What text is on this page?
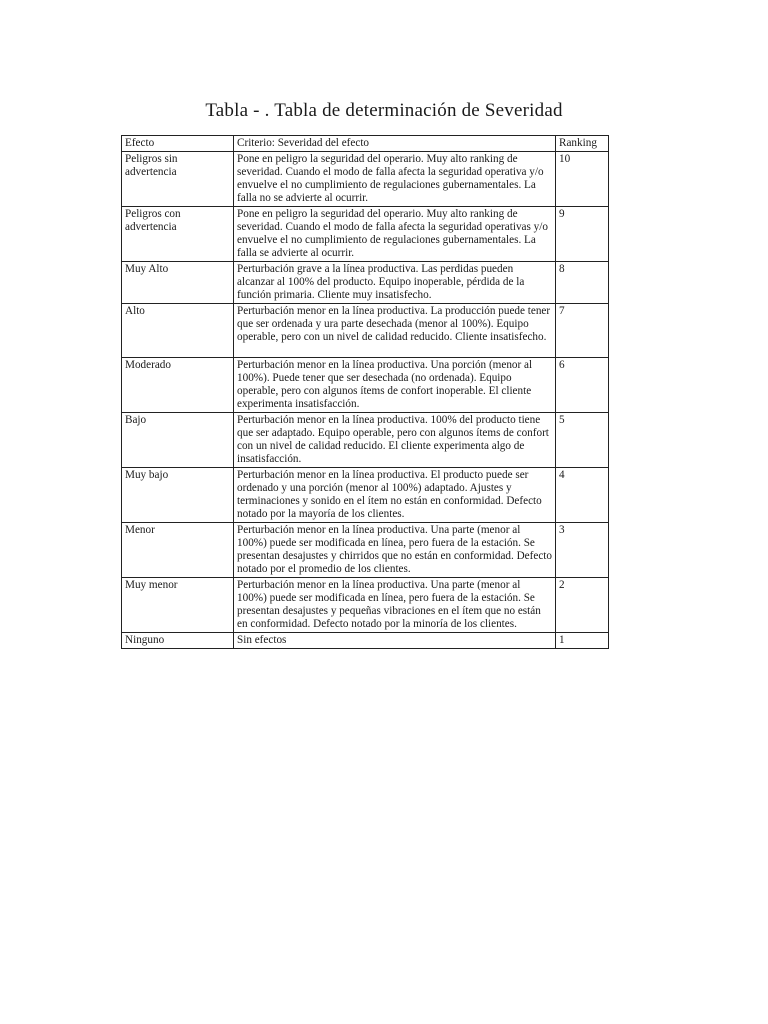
Tabla - . Tabla de determinación de Severidad
Efecto	Criterio: Severidad del efecto	Ranking
Peligros sin advertencia	Pone en peligro la seguridad del operario. Muy alto ranking de severidad. Cuando el modo de falla afecta la seguridad operativa y/o envuelve el no cumplimiento de regulaciones gubernamentales. La falla no se advierte al ocurrir.	10
Peligros con advertencia	Pone en peligro la seguridad del operario. Muy alto ranking de severidad. Cuando el modo de falla afecta la seguridad operativas y/o envuelve el no cumplimiento de regulaciones gubernamentales. La falla se advierte al ocurrir.	9
Muy Alto	Perturbación grave a la línea productiva. Las perdidas pueden alcanzar al 100% del producto. Equipo inoperable, pérdida de la función primaria. Cliente muy insatisfecho.	8
Alto	Perturbación menor en la línea productiva. La producción puede tener que ser ordenada y ura parte desechada (menor al 100%). Equipo operable, pero con un nivel de calidad reducido. Cliente insatisfecho.	7
Moderado	Perturbación menor en la línea productiva. Una porción (menor al 100%). Puede tener que ser desechada (no ordenada). Equipo operable, pero con algunos ítems de confort inoperable. El cliente experimenta insatisfacción.	6
Bajo	Perturbación menor en la línea productiva. 100% del producto tiene que ser adaptado. Equipo operable, pero con algunos ítems de confort con un nivel de calidad reducido. El cliente experimenta algo de insatisfacción.	5
Muy bajo	Perturbación menor en la línea productiva. El producto puede ser ordenado y una porción (menor al 100%) adaptado. Ajustes y terminaciones y sonido en el ítem no están en conformidad. Defecto notado por la mayoría de los clientes.	4
Menor	Perturbación menor en la línea productiva. Una parte (menor al 100%) puede ser modificada en línea, pero fuera de la estación. Se presentan desajustes y chirridos que no están en conformidad. Defecto notado por el promedio de los clientes.	3
Muy menor	Perturbación menor en la línea productiva. Una parte (menor al 100%) puede ser modificada en línea, pero fuera de la estación. Se presentan desajustes y pequeñas vibraciones en el ítem que no están en conformidad. Defecto notado por la minoría de los clientes.	2
Ninguno	Sin efectos	1
